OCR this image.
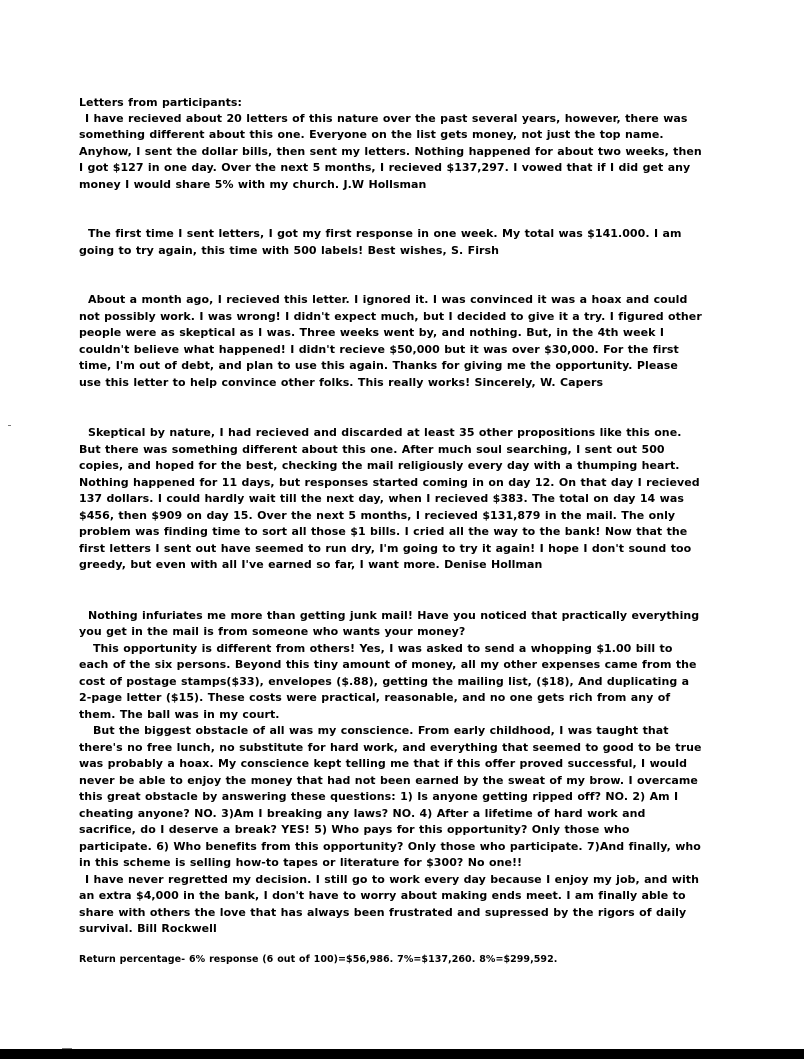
Letters from participants:

I have recieved about 20 letters of this nature over the past several years, however, there was something different about this one. Everyone on the list gets money, not just the top name. Anyhow, I sent the dollar bills, then sent my letters. Nothing happened for about two weeks, then I got $127 in one day. Over the next 5 months, I recieved $137,297. I vowed that if I did get any money I would share 5% with my church. J.W Hollsman

The first time I sent letters, I got my first response in one week. My total was $141.000. I am going to try again, this time with 500 labels! Best wishes, S. Firsh

About a month ago, I recieved this letter. I ignored it. I was convinced it was a hoax and could not possibly work. I was wrong! I didn't expect much, but I decided to give it a try. I figured other people were as skeptical as I was. Three weeks went by, and nothing. But, in the 4th week I couldn't believe what happened! I didn't recieve $50,000 but it was over $30,000. For the first time, I'm out of debt, and plan to use this again. Thanks for giving me the opportunity. Please use this letter to help convince other folks. This really works! Sincerely, W. Capers

Skeptical by nature, I had recieved and discarded at least 35 other propositions like this one. But there was something different about this one. After much soul searching, I sent out 500 copies, and hoped for the best, checking the mail religiously every day with a thumping heart. Nothing happened for 11 days, but responses started coming in on day 12. On that day I recieved 137 dollars. I could hardly wait till the next day, when I recieved $383. The total on day 14 was $456, then $909 on day 15. Over the next 5 months, I recieved $131,879 in the mail. The only problem was finding time to sort all those $1 bills. I cried all the way to the bank! Now that the first letters I sent out have seemed to run dry, I'm going to try it again! I hope I don't sound too greedy, but even with all I've earned so far, I want more. Denise Hollman

Nothing infuriates me more than getting junk mail! Have you noticed that practically everything you get in the mail is from someone who wants your money?

This opportunity is different from others! Yes, I was asked to send a whopping $1.00 bill to each of the six persons. Beyond this tiny amount of money, all my other expenses came from the cost of postage stamps($33), envelopes ($.88), getting the mailing list, ($18), And duplicating a 2-page letter ($15). These costs were practical, reasonable, and no one gets rich from any of them. The ball was in my court.

But the biggest obstacle of all was my conscience. From early childhood, I was taught that there's no free lunch, no substitute for hard work, and everything that seemed to good to be true was probably a hoax. My conscience kept telling me that if this offer proved successful, I would never be able to enjoy the money that had not been earned by the sweat of my brow. I overcame this great obstacle by answering these questions: 1) Is anyone getting ripped off? NO. 2) Am I cheating anyone? NO. 3)Am I breaking any laws? NO. 4) After a lifetime of hard work and sacrifice, do I deserve a break? YES! 5) Who pays for this opportunity? Only those who participate. 6) Who benefits from this opportunity? Only those who participate. 7)And finally, who in this scheme is selling how-to tapes or literature for $300? No one!!

I have never regretted my decision. I still go to work every day because I enjoy my job, and with an extra $4,000 in the bank, I don't have to worry about making ends meet. I am finally able to share with others the love that has always been frustrated and supressed by the rigors of daily survival. Bill Rockwell

Return percentage- 6% response (6 out of 100)=$56,986. 7%=$137,260. 8%=$299,592.
